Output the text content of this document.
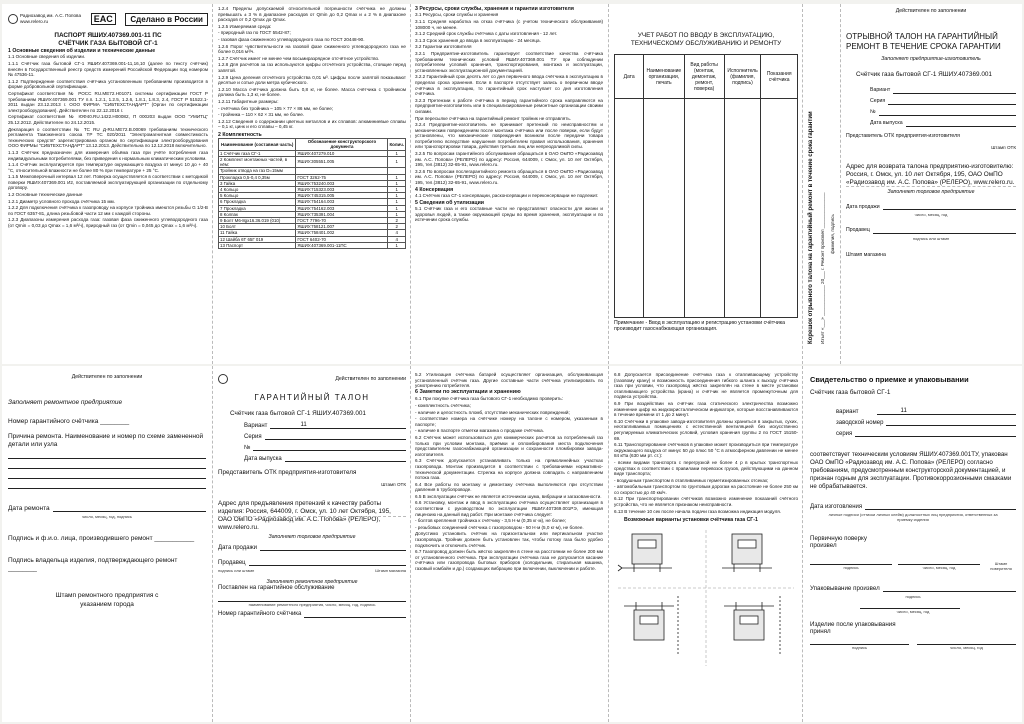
Радиозавод им. А.С. Попова
www.relero.ru	EAC	Сделано в России
ПАСПОРТ ЯШИУ.407369.001-11 ПС
СЧЁТЧИК ГАЗА БЫТОВОЙ СГ-1
1 Основные сведения об изделии и технические данные

1.1 Основные сведения об изделии.

1.1.1 Счётчик газа бытовой СГ-1 ЯШИУ.407369.001-11,16,10 (далее по тексту счётчик) внесён в Государственный реестр средств измерений Российской Федерации под номером № 47536-11.

1.1.2 Подтверждение соответствия счётчика установленным требованиям производится в форме добровольной сертификации.

Сертификат соответствия № РОСС RU.ME72.H01071 системы сертификации ГОСТ Р требованиям ЯШИУ.407369.001 ТУ п.п. 1.2.1, 1.2.5, 1.2.6, 1.8.1, 1.8.3, 2.4, ГОСТ Р 51522.1-2011 выдан 23.12.2013 г. ООО ФИРМА "СИБТЕХСТАНДАРТ" (Орган по сертификации электрооборудования). Действителен по 22.12.2016 г.

Сертификат соответствия № ЮФ40.RU.1422.H00082, П 000203 выдан ООО "УМИТЦ" 25.12.2012. Действителен по 24.12.2015.

Декларация о соответствии № ТС RU Д-RU.МЕ72.В.00069 требованиям технического регламента Таможенного союза ТР ТС 020/2011 "Электромагнитная совместимость технических средств" зарегистрирована органом по сертификации электрооборудования ООО ФИРМЫ "СИБТЕХСТАНДАРТ" 13.12.2013. Действительна по 12.12.2018 включительно.

1.1.3 Счётчик предназначен для измерения объёма газа при учёте потребления газа индивидуальными потребителями, без приведения к нормальным климатическим условиям.

1.1.4 Счётчик эксплуатируется при температуре окружающего воздуха от минус 10 до + 40 °С, относительной влажности не более 80 % при температуре + 25 °С.

1.1.5 Межповерочный интервал 12 лет. Поверка осуществляется в соответствии с методикой поверки ЯШИУ.407369.001 И2, поставляемой эксплуатирующей организации по отдельному договору.

1.2 Основные технические данные

1.2.1 Диаметр условного прохода счётчика 15 мм.

1.2.2 Для подключения счётчика к газопроводу на корпусе тройника имеются резьбы G 1/2-В по ГОСТ 6357-81, длина резьбовой части 12 мм с каждой стороны.

1.2.3 Диапазоны измерения расхода газа: газовая фаза сжиженного углеводородного газа (от Qmin = 0,03 до Qmax = 1,6 м³/ч), природный газ (от Qmin = 0,045 до Qmax = 1,6 м³/ч).

1.2.4 Пределы допускаемой относительной погрешности счётчика не должны превышать ± 3 % в диапазоне расходов от Qmin до 0,2 Qmax и ± 2 % в диапазоне расходов от 0,2 Qmax до Qmax.

1.2.5 Измеряемая среда:

- природный газ по ГОСТ 5542-87;

- газовая фаза сжиженного углеводородного газа по ГОСТ 20448-90.

1.2.6 Порог чувствительности на газовой фазе сжиженного углеводородного газа не более 0,016 м³/ч.

1.2.7 Счётчик имеет не менее чем восьмиразрядное отсчётное устройство.

1.2.8 Для расчётов за газ используются цифры отсчётного устройства, стоящие перед запятой.

1.2.9 Цена деления отсчётного устройства 0,01 м³. Цифры после запятой показывают десятые и сотые доли метра кубического.

1.2.10 Масса счётчика должна быть 0,8 кг, не более. Масса счётчика с тройником должна быть 1,3 кг, не более.

1.2.11 Габаритные размеры:

- счётчика без тройника – 105 × 77 × 86 мм, не более;

- тройника – 110 × 62 × 31 мм, не более.

1.2.12 Сведения о содержании цветных металлов и их сплавов: алюминиевые сплавы – 0,1 кг, цинк и его сплавы – 0,45 кг.

2 Комплектность
Наименование (составная часть)	Обозначение конструкторского документа	Колич.
1 Счётчик газа СГ-1	ЯШИУ.407279.010	1
2 Комплект монтажных частей, в нём:	ЯШИУ.305551.005	1
Тройник отвода на газ D=15мм		
Прокладка 0,5-0,4 0,35м	ГОСТ 3262-75	1
3 Гайка	ЯШИУ.753240.003	1
4 Кольцо	ЯШИУ.715323.003	1
5 Кольцо	ЯШИУ.745315.005	1
6 Прокладка	ЯШИУ.754164.003	1
7 Прокладка	ЯШИУ.754162.003	1
8 Колпак	ЯШИУ.735391.004	1
9 Болт М6-8gх16.36.019 (010)	ГОСТ 7796-70	2
10 Болт	ЯШИУ.758121.007	2
11 Гайка	ЯШИУ.758401.002	4
12 Шайба 6Т 65Г 019	ГОСТ 6402-70	4
13 Паспорт	ЯШИУ.407369.001-11ПС	1
3 Ресурсы, сроки службы, хранения и гарантии изготовителя

3.1 Ресурсы, сроки службы и хранения

3.1.1 Средняя наработка на отказ счётчика (с учетом технического обслуживания) 108000 ч, не менее.

3.1.2 Средний срок службы счётчика с даты изготовления - 12 лет.

3.1.3 Срок хранения до ввода в эксплуатацию - 24 месяца.

3.2 Гарантии изготовителя

3.2.1 Предприятие-изготовитель гарантирует соответствие качества счётчика требованиям технических условий ЯШИУ.407369.001 ТУ при соблюдении потребителем условий хранения, транспортирования, монтажа и эксплуатации, установленных эксплуатационной документацией.

3.2.2 Гарантийный срок десять лет со дня первичного ввода счётчика в эксплуатацию в пределах срока хранения. Если в паспорте отсутствует запись о первичном вводе счётчика в эксплуатацию, то гарантийный срок наступает со дня изготовления счётчика.

3.2.3 Претензии к работе счётчика в период гарантийного срока направляются на предприятие-изготовитель или в специализированные ремонтные организации своими силами.

При пересылке счётчика на гарантийный ремонт тройник не отправлять.

3.2.4 Предприятие-изготовитель не принимает претензий по неисправностям и механическим повреждениям после монтажа счётчика или после поверки, если будут установлены, что механические повреждения возникли после передачи товара потребителю вследствие нарушения потребителем правил использования, хранения или транспортировки товара, действия третьих лиц или непреодолимой силы.

3.2.5 По вопросам гарантийного обслуживания обращаться в ОАО ОмПО «Радиозавод им. А.С. Попова» (РЕЛЕРО) по адресу: Россия, 644009, г. Омск, ул. 10 лет Октября, 195, тел.(3812) 32-65-91, www.relero.ru.

3.2.6 По вопросам послегарантийного ремонта обращаться в ОАО ОмПО «Радиозавод им. А.С. Попова» (РЕЛЕРО) по адресу: Россия, 644009, г. Омск, ул. 10 лет Октября, 195, тел.(3812) 32-65-91, www.relero.ru.

4 Консервация
4.1 Счётчик газа СГ-1 консервации, расконсервации и переконсервации не подлежит.
5 Сведения об утилизации
5.1 Счётчик газа и его составные части не представляют опасности для жизни и здоровья людей, а также окружающей среды во время хранения, эксплуатации и по истечении срока службы.
УЧЕТ РАБОТ ПО ВВОДУ В ЭКСПЛУАТАЦИЮ, ТЕХНИЧЕСКОМУ ОБСЛУЖИВАНИЮ И РЕМОНТУ
Дата	Наименование организации, печать	Вид работы (монтаж, демонтаж, ремонт, поверка)	Исполнитель (фамилия, подпись)	Показания счётчика

Примечание - Ввод в эксплуатацию и регистрацию установки счётчика производит газоснабжающая организация.	Корешок отрывного талона на гарантийный ремонт в течение срока гарантии Изъят «___» ____________ 20___ г. Ремонт произвел ______________ фамилия, подпись
Действителен по заполнении
ОТРЫВНОЙ ТАЛОН НА ГАРАНТИЙНЫЙ РЕМОНТ В ТЕЧЕНИЕ СРОКА ГАРАНТИИ
Заполняет предприятие-изготовитель
Счётчик газа бытовой СГ-1 ЯШИУ.407369.001
Вариант
Серия
№
Дата выпуска
Представитель ОТК предприятия-изготовителя
Штамп ОТК
Адрес для возврата талона предприятию-изготовителю: Россия, г. Омск, ул. 10 лет Октября, 195, ОАО ОмПО «Радиозавод им. А.С. Попова» (РЕЛЕРО), www.relero.ru.
Заполняет торговое предприятие
Дата продажи
число, месяц, год
Продавец
подпись или штамп
Штамп магазина
Действителен по заполнении
Заполняет ремонтное предприятие
Номер гарантийного счётчика ________
Причина ремонта. Наименование и номер по схеме замененной детали или узла
Дата ремонта
число, месяц, год, подпись
Подпись и ф.и.о. лица, производившего ремонт ___________
Подпись владельца изделия, подтверждающего ремонт ________
Штамп ремонтного предприятия с указанием города
Действителен по заполнении
ГАРАНТИЙНЫЙ ТАЛОН
Счётчик газа бытовой СГ-1 ЯШИУ.407369.001
Вариант	11
Серия
№
Дата выпуска
Представитель ОТК предприятия-изготовителя
Штамп ОТК
Адрес для предъявления претензий к качеству работы изделия: Россия, 644009, г. Омск, ул. 10 лет Октября, 195, ОАО ОмПО «Радиозавод им. А.С. Попова» (РЕЛЕРО), www.relero.ru.
Заполняет торговое предприятие
Дата продажи
Продавец
подпись или штамп	Штамп магазина
Заполняет ремонтное предприятие
Поставлен на гарантийное обслуживание
наименование ремонтного предприятия, число, месяц, год, подпись
Номер гарантийного счётчика

5.2 Утилизация счётчика батарей осуществляет организация, обслуживающая установленный счётчик газа. Другие составные части счётчика утилизировать по усмотрению потребителя.

6 Заметки по эксплуатации и хранению

6.1 При покупке счётчика газа бытового СГ-1 необходимо проверить:

- комплектность счётчика;

- наличие и целостность пломб, отсутствие механических повреждений;

- соответствие номера на счётчике номеру на талоне с номером, указанным в паспорте;

- наличие в паспорте отметки магазина о продаже счётчика.

6.2 Счётчик может использоваться для коммерческих расчётов за потреблённый газ только при условии монтажа, приёмки и опломбирования места подключения представителем газоснабжающей организации и сохранности пломбировки завода-изготовителя.

6.3 Счётчик допускается устанавливать только на прямолинейных участках газопровода. Монтаж производится в соответствии с требованиями нормативно-технической документации. Стрелка на корпусе должна совпадать с направлением потока газа.

6.4 Все работы по монтажу и демонтажу счётчика выполняются при отсутствии давления в трубопроводе.

6.5 В эксплуатации счётчик не является источником шума, вибрации и загазованности.

6.6 Установку, монтаж и ввод в эксплуатацию счётчика осуществляет организация в соответствии с руководством по эксплуатации ЯШИУ.407369.001РЭ, имеющая лицензию на данный вид работ. При монтаже счётчика следует:

- болтов крепления тройника к счётчику - 3,5 Н·м (0,35 кг·м), не более;

- резьбовых соединений счётчика с газопроводом - 50 Н·м (5,0 кг·м), не более.

Допустимо установить счётчик на горизонтальном или вертикальном участке газопровода. Тройник должен быть установлен так, чтобы потоку газа было удобно подключить и отключить счётчик.

6.7 Газопровод должен быть жёстко закреплён в стене на расстоянии не более 200 мм от установленного счётчика. При эксплуатации счётчика газа не допускается касание счётчика или газопровода бытовых приборов (холодильник, стиральная машина, газовый комбайн и др.) создающих вибрацию при включении, выключении и работе.

6.8 Допускается присоединение счётчика газа к отапливающему устройству (газовому крану) и возможность присоединения гибкого шланга к выходу счётчика газа при условии, что газопровод жёстко закреплён на стене в месте установки отапливающего устройства (крана) и счётчик не является промежуточным для подвеса устройства.

6.9 При воздействии на счётчик газа статического электричества возможно изменение цифр на жидкокристаллическом индикаторе, которые восстанавливаются в течение времени от 1 до 2 минут.

6.10 Счётчики в упаковке завода-изготовителя должны храниться в закрытых, сухих, неотапливаемых помещениях с естественной вентиляцией без искусственно регулируемых климатических условий, условия хранения группы 2 по ГОСТ 15150-69.

6.11 Транспортирование счётчиков в упаковке может производиться при температуре окружающего воздуха от минус 50 до плюс 50 °С в атмосферном давлении не менее 84 кПа (630 мм рт. ст.):

- всеми видами транспорта с перегрузкой не более 4 р в крытых транспортных средствах в соответствии с правилами перевозок грузов, действующими на данном виде транспорта;

- воздушным транспортом в отапливаемых герметизированных отсеках;

- автомобильным транспортом по грунтовым дорогам на расстояние не более 250 км со скоростью до 40 км/ч.

6.12 При транспортировании счётчиков возможно изменение показаний счётного устройства, что не является признаком неисправности.

6.13 В течение 10 сек после начала подачи газа возможна индикация модуля.

Возможные варианты установки счётчика газа СГ-1
Свидетельство о приемке и упаковывании
Счётчик газа бытовой СГ-1
вариант	11
заводской номер
серия
соответствует техническим условиям ЯШИУ.407369.001ТУ, упакован ОАО ОмПО «Радиозавод им. А.С. Попова» (РЕЛЕРО) согласно требованиям, предусмотренным конструкторской документацией, и признан годным для эксплуатации. Противокоррозионными смазками не обрабатывается.
Дата изготовления
личные подписи (оттиски личных клейм) должностных лиц предприятия, ответственных за приемку изделия
Первичную поверку произвел
подпись	число, месяц, год
Штамп поверителя
Упаковывание произвел
подпись
число, месяц, год
Изделие после упаковывания принял
подпись	число, месяц, год
